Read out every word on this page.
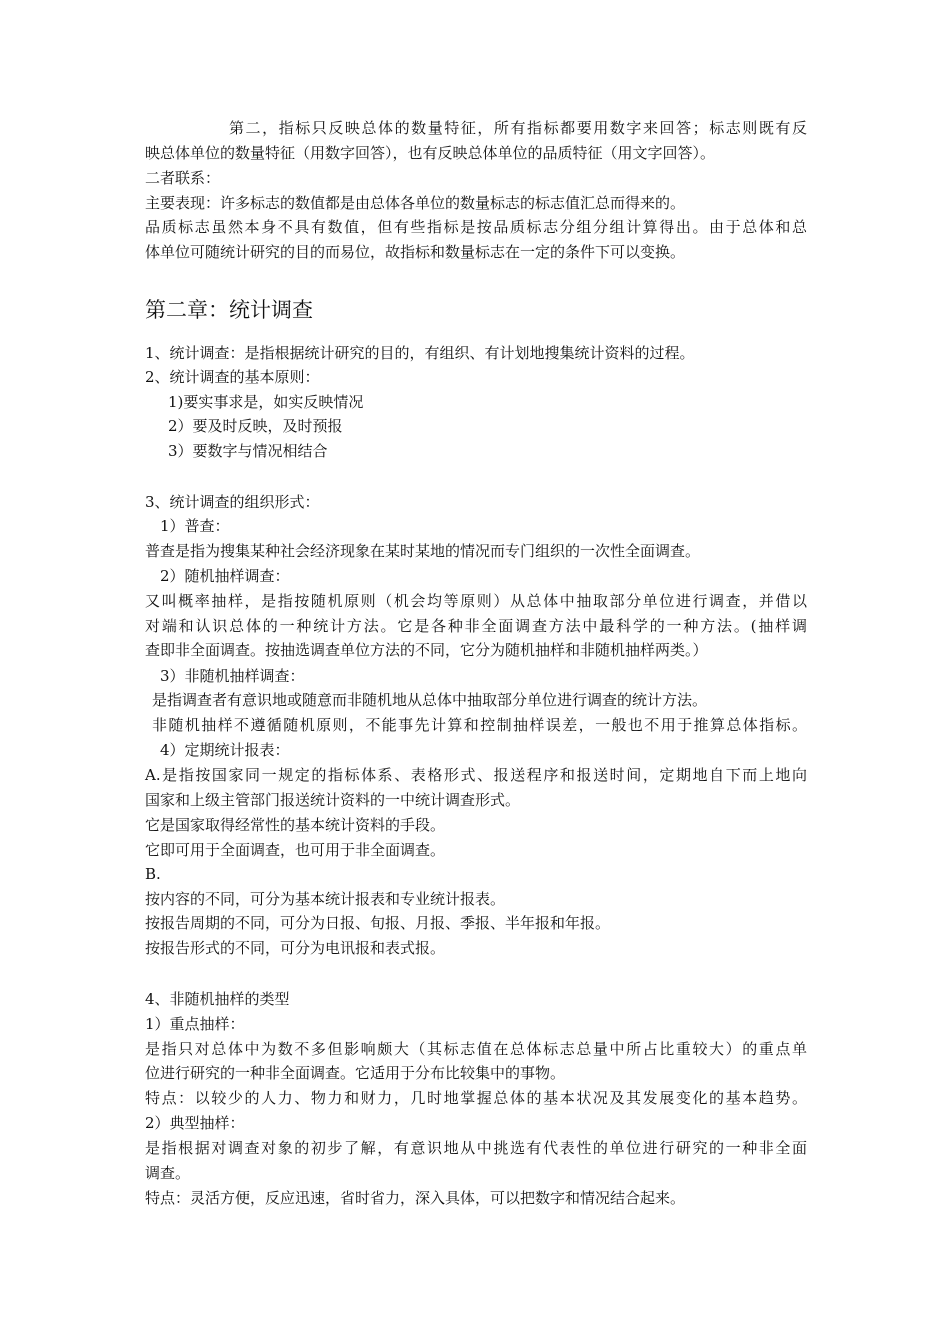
第二，指标只反映总体的数量特征，所有指标都要用数字来回答；标志则既有反
映总体单位的数量特征（用数字回答），也有反映总体单位的品质特征（用文字回答）。
二者联系：
主要表现：许多标志的数值都是由总体各单位的数量标志的标志值汇总而得来的。
品质标志虽然本身不具有数值，但有些指标是按品质标志分组分组计算得出。由于总体和总
体单位可随统计研究的目的而易位，故指标和数量标志在一定的条件下可以变换。
第二章：统计调查
1、统计调查：是指根据统计研究的目的，有组织、有计划地搜集统计资料的过程。
2、统计调查的基本原则：
1)要实事求是，如实反映情况
2）要及时反映，及时预报
3）要数字与情况相结合
3、统计调查的组织形式：
1）普查：
普查是指为搜集某种社会经济现象在某时某地的情况而专门组织的一次性全面调查。
2）随机抽样调查：
又叫概率抽样，是指按随机原则（机会均等原则）从总体中抽取部分单位进行调查，并借以
对端和认识总体的一种统计方法。它是各种非全面调查方法中最科学的一种方法。(抽样调
查即非全面调查。按抽选调查单位方法的不同，它分为随机抽样和非随机抽样两类。）
3）非随机抽样调查：
是指调查者有意识地或随意而非随机地从总体中抽取部分单位进行调查的统计方法。
非随机抽样不遵循随机原则，不能事先计算和控制抽样误差，一般也不用于推算总体指标。
4）定期统计报表：
A.是指按国家同一规定的指标体系、表格形式、报送程序和报送时间，定期地自下而上地向
国家和上级主管部门报送统计资料的一中统计调查形式。
它是国家取得经常性的基本统计资料的手段。
它即可用于全面调查，也可用于非全面调查。
B.
按内容的不同，可分为基本统计报表和专业统计报表。
按报告周期的不同，可分为日报、旬报、月报、季报、半年报和年报。
按报告形式的不同，可分为电讯报和表式报。
4、非随机抽样的类型
1）重点抽样：
是指只对总体中为数不多但影响颇大（其标志值在总体标志总量中所占比重较大）的重点单
位进行研究的一种非全面调查。它适用于分布比较集中的事物。
特点：以较少的人力、物力和财力，几时地掌握总体的基本状况及其发展变化的基本趋势。
2）典型抽样：
是指根据对调查对象的初步了解，有意识地从中挑选有代表性的单位进行研究的一种非全面
调查。
特点：灵活方便，反应迅速，省时省力，深入具体，可以把数字和情况结合起来。
